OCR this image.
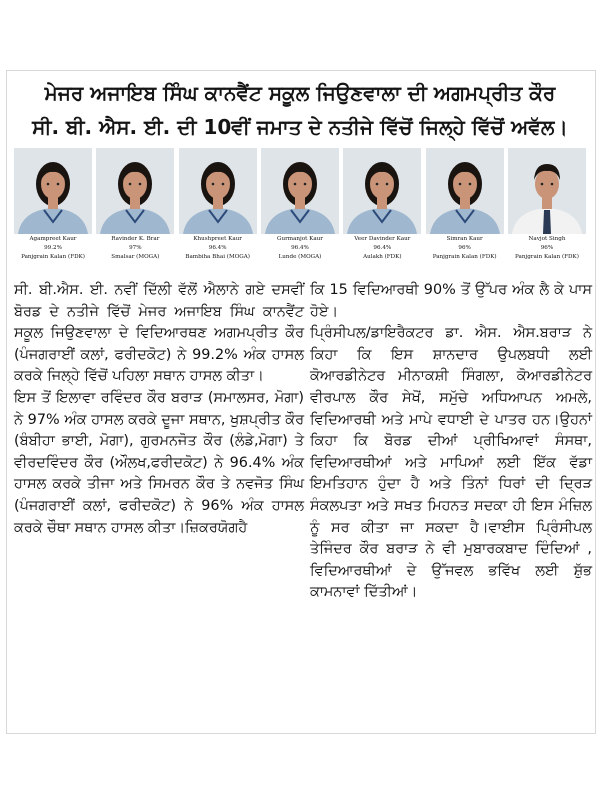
ਮੇਜਰ ਅਜਾਇਬ ਸਿੰਘ ਕਾਨਵੈਂਟ ਸਕੂਲ ਜਿਉਣਵਾਲਾ ਦੀ ਅਗਮਪ੍ਰੀਤ ਕੌਰ
ਸੀ. ਬੀ. ਐਸ. ਈ. ਦੀ 10ਵੀਂ ਜਮਾਤ ਦੇ ਨਤੀਜੇ ਵਿੱਚੋਂ ਜਿਲ੍ਹੇ ਵਿੱਚੋਂ ਅਵੱਲ।
Agampreet Kaur
99.2%
Panjgrain Kalan (FDK)
Ravinder K. Brar
97%
Smalsar (MOGA)
Khushpreet Kaur
96.4%
Bambiha Bhai (MOGA)
Gurmanjot Kaur
96.4%
Lunde (MOGA)
Veer Davinder Kaur
96.4%
Aulakh (FDK)
Simran Kaur
96%
Panjgrain Kalan (FDK)
Navjot Singh
96%
Panjgrain Kalan (FDK)

ਸੀ. ਬੀ.ਐਸ. ਈ. ਨਵੀਂ ਦਿੱਲੀ ਵੱਲੋਂ ਐਲਾਨੇ ਗਏ ਦਸਵੀਂ ਬੋਰਡ ਦੇ ਨਤੀਜੇ ਵਿੱਚੋਂ ਮੇਜਰ ਅਜਾਇਬ ਸਿੰਘ ਕਾਨਵੈਂਟ ਸਕੂਲ ਜਿਉਣਵਾਲਾ ਦੇ ਵਿਦਿਆਰਥਣ ਅਗਮਪ੍ਰੀਤ ਕੌਰ (ਪੰਜਗਰਾਈਂ ਕਲਾਂ, ਫਰੀਦਕੋਟ) ਨੇ 99.2% ਅੰਕ ਹਾਸਲ ਕਰਕੇ ਜਿਲ੍ਹੇ ਵਿੱਚੋਂ ਪਹਿਲਾ ਸਥਾਨ ਹਾਸਲ ਕੀਤਾ।

ਇਸ ਤੋਂ ਇਲਾਵਾ ਰਵਿੰਦਰ ਕੌਰ ਬਰਾੜ (ਸਮਾਲਸਰ, ਮੋਗਾ) ਨੇ 97% ਅੰਕ ਹਾਸਲ ਕਰਕੇ ਦੂਜਾ ਸਥਾਨ, ਖੁਸ਼ਪ੍ਰੀਤ ਕੌਰ (ਬੰਬੀਹਾ ਭਾਈ, ਮੋਗਾ), ਗੁਰਮਨਜੋਤ ਕੌਰ (ਲੰਡੇ,ਮੋਗਾ) ਤੇ ਵੀਰਦਵਿੰਦਰ ਕੌਰ (ਔਲਖ,ਫਰੀਦਕੋਟ) ਨੇ 96.4% ਅੰਕ ਹਾਸਲ ਕਰਕੇ ਤੀਜਾ ਅਤੇ ਸਿਮਰਨ ਕੌਰ ਤੇ ਨਵਜੋਤ ਸਿੰਘ (ਪੰਜਗਰਾਈਂ ਕਲਾਂ, ਫਰੀਦਕੋਟ) ਨੇ 96% ਅੰਕ ਹਾਸਲ ਕਰਕੇ ਚੌਥਾ ਸਥਾਨ ਹਾਸਲ ਕੀਤਾ।ਜ਼ਿਕਰਯੋਗਹੈ

ਕਿ 15 ਵਿਦਿਆਰਥੀ 90% ਤੋਂ ਉੱਪਰ ਅੰਕ ਲੈ ਕੇ ਪਾਸ ਹੋਏ।

ਪ੍ਰਿੰਸੀਪਲ/ਡਾਇਰੈਕਟਰ ਡਾ. ਐਸ. ਐਸ.ਬਰਾੜ ਨੇ ਕਿਹਾ ਕਿ ਇਸ ਸ਼ਾਨਦਾਰ ਉਪਲਬਧੀ ਲਈ ਕੋਆਰਡੀਨੇਟਰ ਮੀਨਾਕਸ਼ੀ ਸਿੰਗਲਾ, ਕੋਆਰਡੀਨੇਟਰ ਵੀਰਪਾਲ ਕੌਰ ਸੇਖੋਂ, ਸਮੁੱਚੇ ਅਧਿਆਪਨ ਅਮਲੇ, ਵਿਦਿਆਰਥੀ ਅਤੇ ਮਾਪੇ ਵਧਾਈ ਦੇ ਪਾਤਰ ਹਨ।ਉਹਨਾਂ ਕਿਹਾ ਕਿ ਬੋਰਡ ਦੀਆਂ ਪ੍ਰੀਖਿਆਵਾਂ ਸੰਸਥਾ, ਵਿਦਿਆਰਥੀਆਂ ਅਤੇ ਮਾਪਿਆਂ ਲਈ ਇੱਕ ਵੱਡਾ ਇਮਤਿਹਾਨ ਹੁੰਦਾ ਹੈ ਅਤੇ ਤਿੰਨਾਂ ਧਿਰਾਂ ਦੀ ਦ੍ਰਿੜ ਸੰਕਲਪਤਾ ਅਤੇ ਸਖਤ ਮਿਹਨਤ ਸਦਕਾ ਹੀ ਇਸ ਮੰਜ਼ਿਲ ਨੂੰ ਸਰ ਕੀਤਾ ਜਾ ਸਕਦਾ ਹੈ।ਵਾਈਸ ਪ੍ਰਿੰਸੀਪਲ ਤੇਜਿੰਦਰ ਕੌਰ ਬਰਾੜ ਨੇ ਵੀ ਮੁਬਾਰਕਬਾਦ ਦਿੰਦਿਆਂ , ਵਿਦਿਆਰਥੀਆਂ ਦੇ ਉੱਜਵਲ ਭਵਿੱਖ ਲਈ ਸ਼ੁੱਭ ਕਾਮਨਾਵਾਂ ਦਿੱਤੀਆਂ।
